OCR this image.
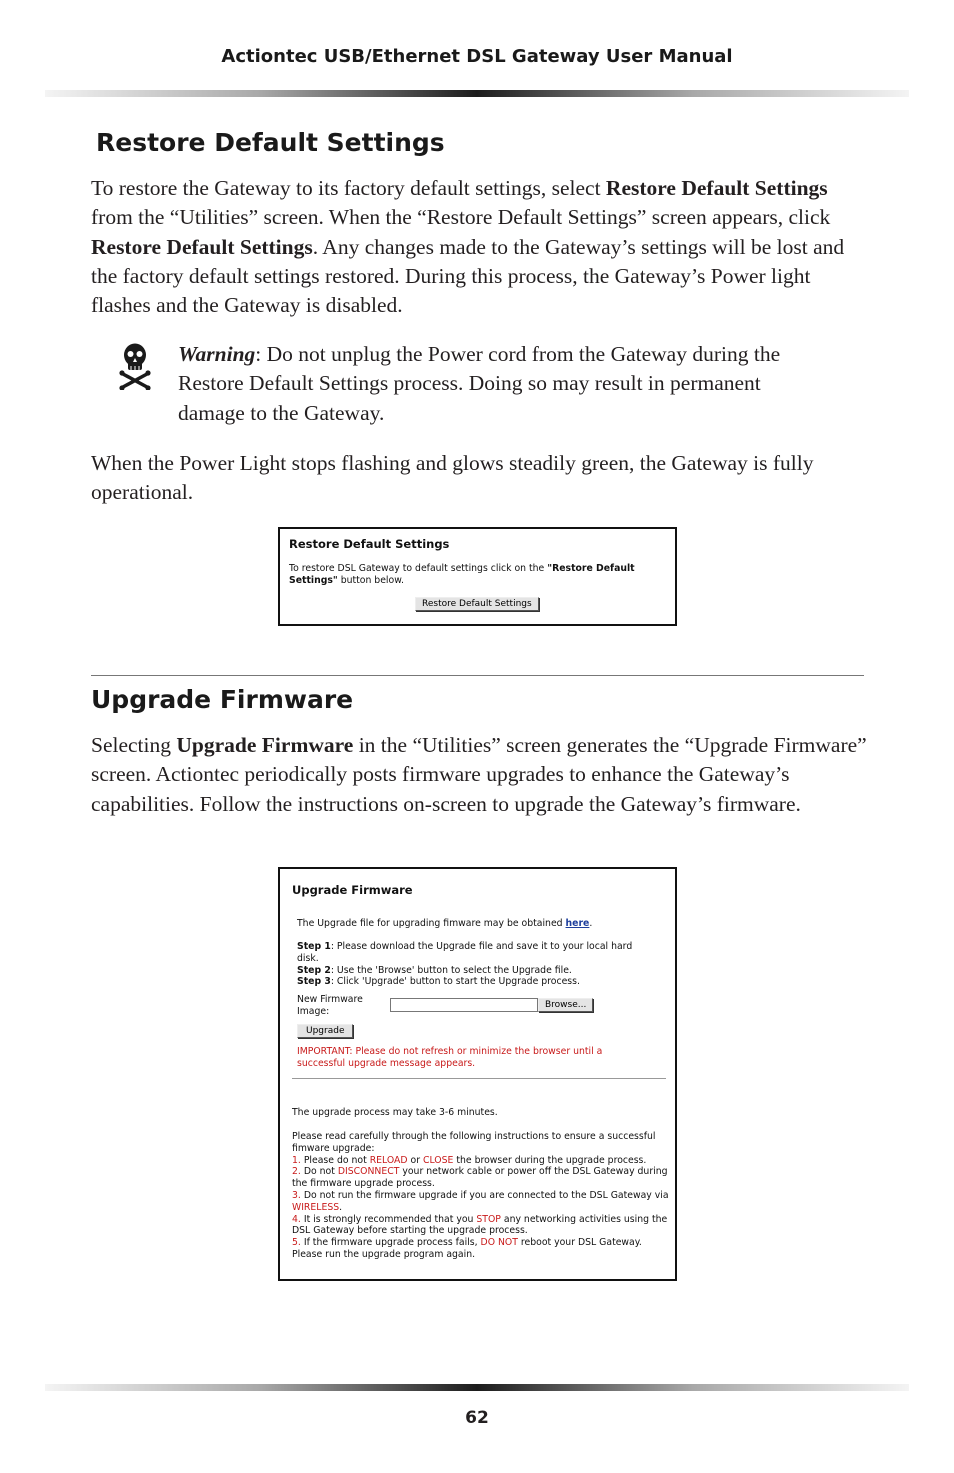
Actiontec USB/Ethernet DSL Gateway User Manual
Restore Default Settings

To restore the Gateway to its factory default settings, select Restore Default Settings from the “Utilities” screen. When the “Restore Default Settings” screen appears, click Restore Default Settings. Any changes made to the Gateway’s settings will be lost and the factory default settings restored. During this process, the Gateway’s Power light flashes and the Gateway is disabled.

Warning: Do not unplug the Power cord from the Gateway during the Restore Default Settings process. Doing so may result in permanent damage to the Gateway.

When the Power Light stops flashing and glows steadily green, the Gateway is fully operational.

Restore Default Settings
To restore DSL Gateway to default settings click on the "Restore Default Settings" button below.
Restore Default Settings
Upgrade Firmware

Selecting Upgrade Firmware in the “Utilities” screen generates the “Upgrade Firmware” screen. Actiontec periodically posts firmware upgrades to enhance the Gateway’s capabilities. Follow the instructions on-screen to upgrade the Gateway’s firmware.

Upgrade Firmware
The Upgrade file for upgrading fimware may be obtained here.
Step 1: Please download the Upgrade file and save it to your local hard disk.
Step 2: Use the 'Browse' button to select the Upgrade file.
Step 3: Click 'Upgrade' button to start the Upgrade process.
New Firmware Image:
Browse...
Upgrade
IMPORTANT: Please do not refresh or minimize the browser until a successful upgrade message appears.
The upgrade process may take 3-6 minutes.
Please read carefully through the following instructions to ensure a successful fimware upgrade:
1. Please do not RELOAD or CLOSE the browser during the upgrade process.
2. Do not DISCONNECT your network cable or power off the DSL Gateway during the firmware upgrade process.
3. Do not run the firmware upgrade if you are connected to the DSL Gateway via WIRELESS.
4. It is strongly recommended that you STOP any networking activities using the DSL Gateway before starting the upgrade process.
5. If the firmware upgrade process fails, DO NOT reboot your DSL Gateway. Please run the upgrade program again.
62
